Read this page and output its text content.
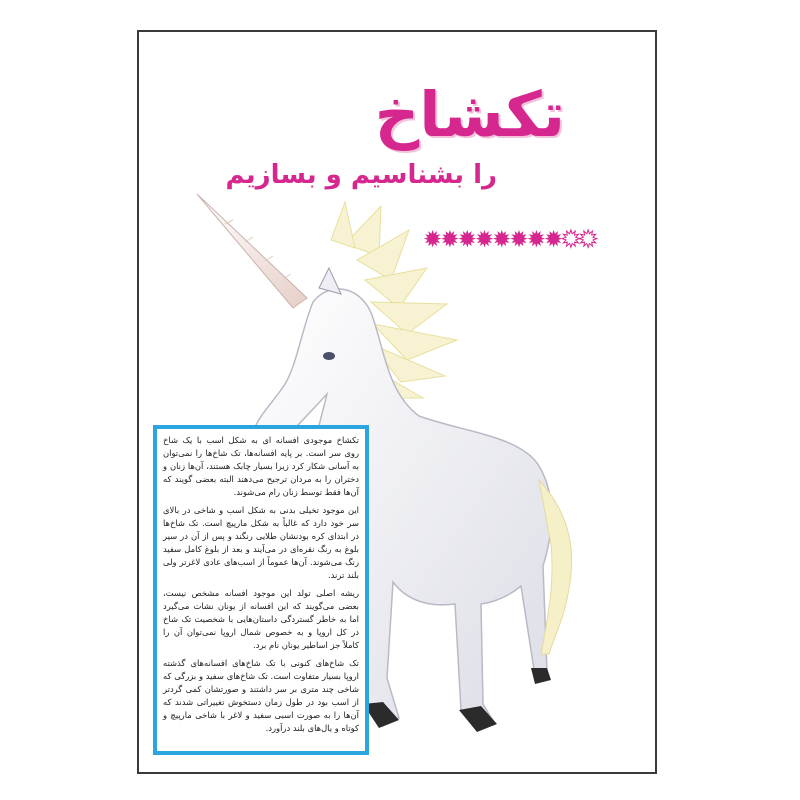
تکشاخ
را بشناسیم و بسازیم
✹✹✹✹✹✹✹✹✹✹

تکشاخ موجودی افسانه ای به شکل اسب با یک شاخ روی سر است. بر پایه افسانه‌ها، تک شاخ‌ها را نمی‌توان به آسانی شکار کرد زیرا بسیار چابک هستند، آن‌ها زنان و دختران را به مردان ترجیح می‌دهند البته بعضی گویند که آن‌ها فقط توسط زنان رام می‌شوند.

این موجود تخیلی بدنی به شکل اسب و شاخی در بالای سر خود دارد که غالباً به شکل مارپیچ است. تک شاخ‌ها در ابتدای کره بودنشان طلایی رنگند و پس از آن در سیر بلوغ به رنگ نقره‌ای در می‌آیند و بعد از بلوغ کامل سفید رنگ می‌شوند. آن‌ها عموماً از اسب‌های عادی لاغرتر ولی بلند ترند.

ریشه اصلی تولد این موجود افسانه مشخص نیست، بعضی می‌گویند که این افسانه از یونان نشات می‌گیرد اما به خاطر گستردگی داستان‌هایی با شخصیت تک شاخ در کل اروپا و به خصوص شمال اروپا نمی‌توان آن را کاملاً جز اساطیر یونان نام برد.

تک شاخ‌های کنونی با تک شاخ‌های افسانه‌های گذشته اروپا بسیار متفاوت است. تک شاخ‌های سفید و بزرگی که شاخی چند متری بر سر داشتند و صورتشان کمی گردتر از اسب بود در طول زمان دستخوش تغییراتی شدند که آن‌ها را به صورت اسبی سفید و لاغر با شاخی مارپیچ و کوتاه و یال‌های بلند درآورد.
